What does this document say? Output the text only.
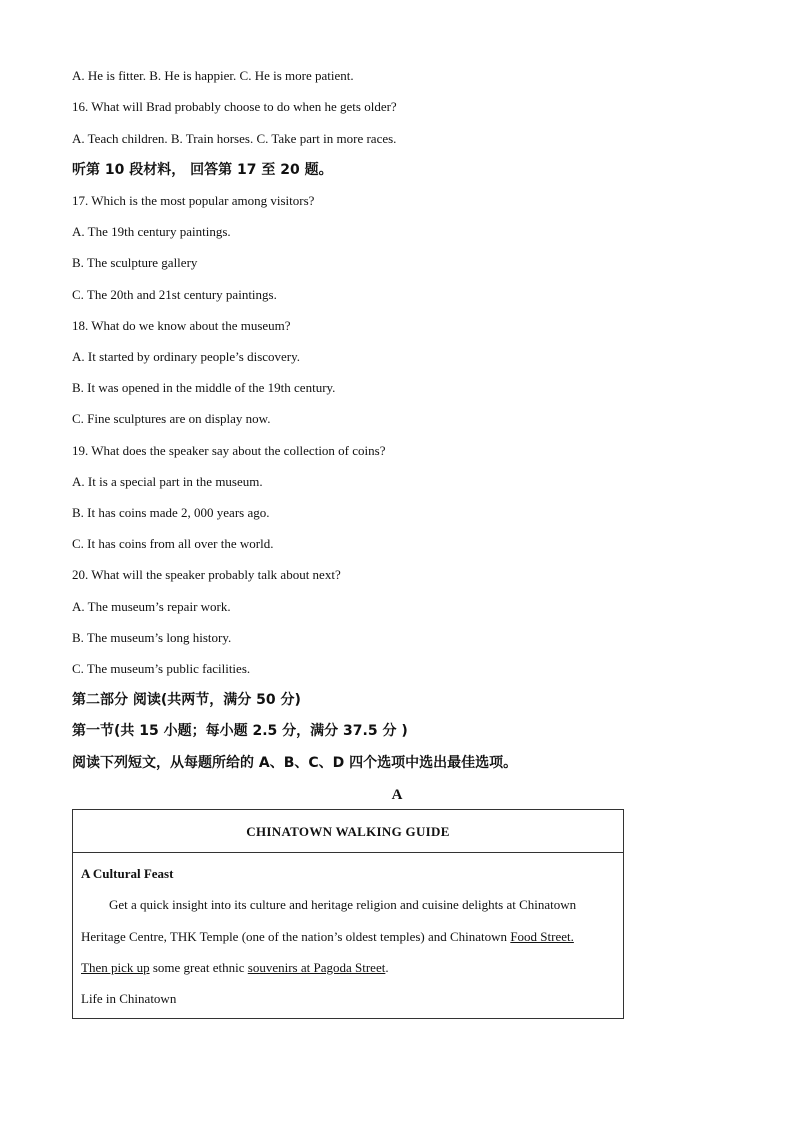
A. He is fitter. B. He is happier. C. He is more patient.

16. What will Brad probably choose to do when he gets older?

A. Teach children. B. Train horses. C. Take part in more races.

听第 10 段材料， 回答第 17 至 20 题。

17. Which is the most popular among visitors?

A. The 19th century paintings.

B. The sculpture gallery

C. The 20th and 21st century paintings.

18. What do we know about the museum?

A. It started by ordinary people’s discovery.

B. It was opened in the middle of the 19th century.

C. Fine sculptures are on display now.

19. What does the speaker say about the collection of coins?

A. It is a special part in the museum.

B. It has coins made 2, 000 years ago.

C. It has coins from all over the world.

20. What will the speaker probably talk about next?

A. The museum’s repair work.

B. The museum’s long history.

C. The museum’s public facilities.

第二部分 阅读(共两节，满分 50 分)

第一节(共 15 小题；每小题 2.5 分，满分 37.5 分 )

阅读下列短文，从每题所给的 A、B、C、D 四个选项中选出最佳选项。

A

CHINATOWN WALKING GUIDE

A Cultural Feast

Get a quick insight into its culture and heritage religion and cuisine delights at Chinatown

Heritage Centre, THK Temple (one of the nation’s oldest temples) and Chinatown Food Street.

Then pick up some great ethnic souvenirs at Pagoda Street.

Life in Chinatown
